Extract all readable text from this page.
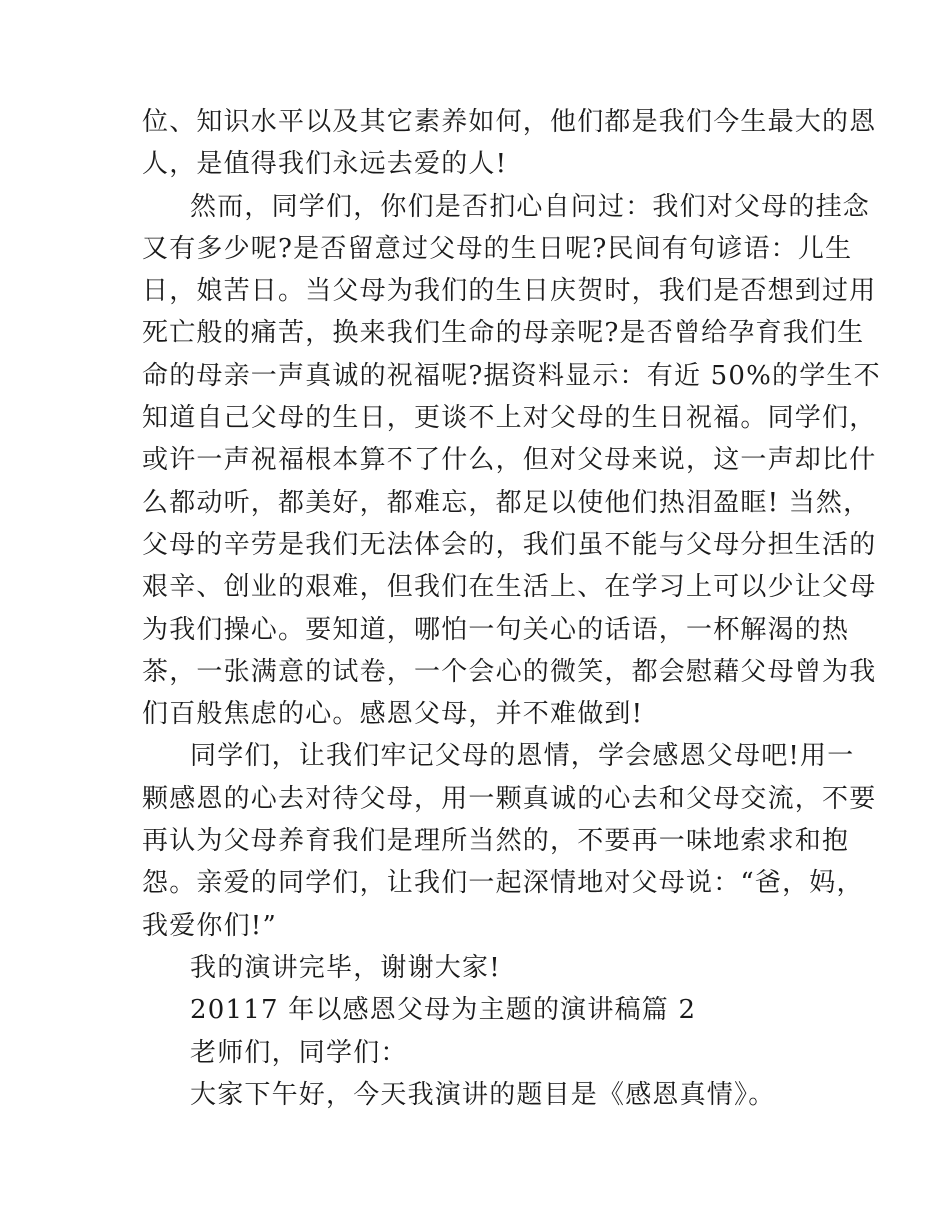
位、知识水平以及其它素养如何，他们都是我们今生最大的恩
人，是值得我们永远去爱的人!
然而，同学们，你们是否扪心自问过：我们对父母的挂念
又有多少呢?是否留意过父母的生日呢?民间有句谚语：儿生
日，娘苦日。当父母为我们的生日庆贺时，我们是否想到过用
死亡般的痛苦，换来我们生命的母亲呢?是否曾给孕育我们生
命的母亲一声真诚的祝福呢?据资料显示：有近 50%的学生不
知道自己父母的生日，更谈不上对父母的生日祝福。同学们，
或许一声祝福根本算不了什么，但对父母来说，这一声却比什
么都动听，都美好，都难忘，都足以使他们热泪盈眶! 当然，
父母的辛劳是我们无法体会的，我们虽不能与父母分担生活的
艰辛、创业的艰难，但我们在生活上、在学习上可以少让父母
为我们操心。要知道，哪怕一句关心的话语，一杯解渴的热
茶，一张满意的试卷，一个会心的微笑，都会慰藉父母曾为我
们百般焦虑的心。感恩父母，并不难做到!
同学们，让我们牢记父母的恩情，学会感恩父母吧!用一
颗感恩的心去对待父母，用一颗真诚的心去和父母交流，不要
再认为父母养育我们是理所当然的，不要再一味地索求和抱
怨。亲爱的同学们，让我们一起深情地对父母说：“爸，妈，
我爱你们!”
我的演讲完毕，谢谢大家!
20117 年以感恩父母为主题的演讲稿篇 2
老师们，同学们：
大家下午好，今天我演讲的题目是《感恩真情》。
